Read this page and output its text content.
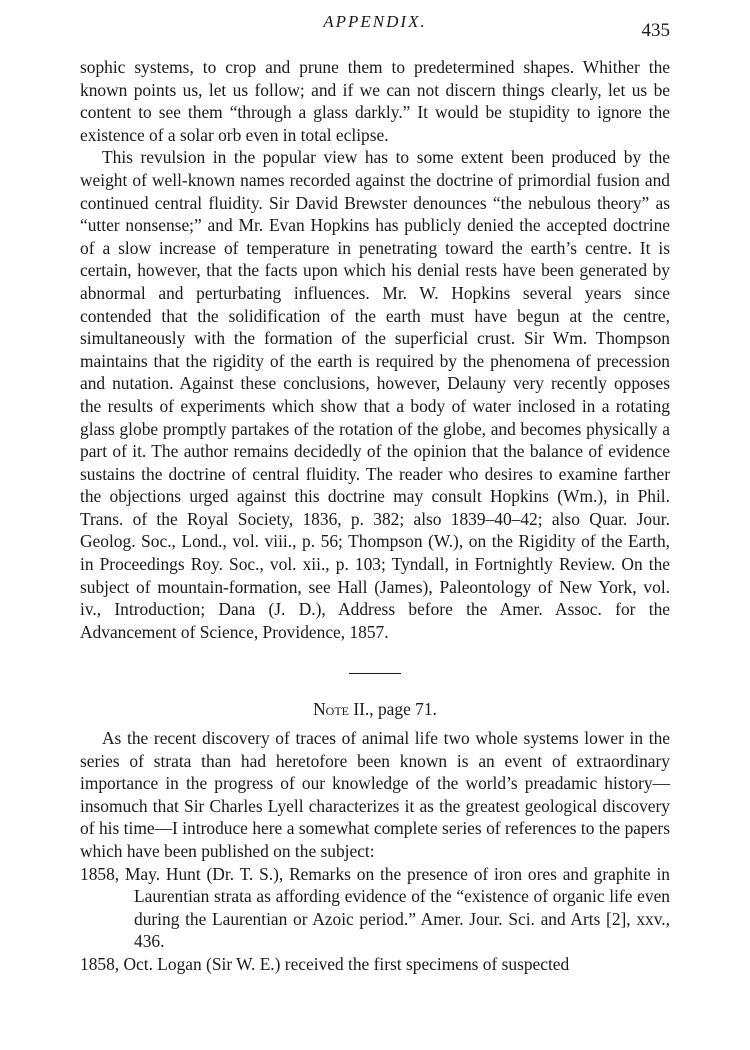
APPENDIX.	435

sophic systems, to crop and prune them to predetermined shapes. Whither the known points us, let us follow; and if we can not discern things clearly, let us be content to see them “through a glass darkly.” It would be stupidity to ignore the existence of a solar orb even in total eclipse.

This revulsion in the popular view has to some extent been produced by the weight of well-known names recorded against the doctrine of primordial fusion and continued central fluidity. Sir David Brewster denounces “the nebulous theory” as “utter nonsense;” and Mr. Evan Hopkins has publicly denied the accepted doctrine of a slow increase of temperature in penetrating toward the earth’s centre. It is certain, however, that the facts upon which his denial rests have been generated by abnormal and perturbating influences. Mr. W. Hopkins several years since contended that the solidification of the earth must have begun at the centre, simultaneously with the formation of the superficial crust. Sir Wm. Thompson maintains that the rigidity of the earth is required by the phenomena of precession and nutation. Against these conclusions, however, Delauny very recently opposes the results of experiments which show that a body of water inclosed in a rotating glass globe promptly partakes of the rotation of the globe, and becomes physically a part of it. The author remains decidedly of the opinion that the balance of evidence sustains the doctrine of central fluidity. The reader who desires to examine farther the objections urged against this doctrine may consult Hopkins (Wm.), in Phil. Trans. of the Royal Society, 1836, p. 382; also 1839–40–42; also Quar. Jour. Geolog. Soc., Lond., vol. viii., p. 56; Thompson (W.), on the Rigidity of the Earth, in Proceedings Roy. Soc., vol. xii., p. 103; Tyndall, in Fortnightly Review. On the subject of mountain-formation, see Hall (James), Paleontology of New York, vol. iv., Introduction; Dana (J. D.), Address before the Amer. Assoc. for the Advancement of Science, Providence, 1857.

Note II., page 71.

As the recent discovery of traces of animal life two whole systems lower in the series of strata than had heretofore been known is an event of extraordinary importance in the progress of our knowledge of the world’s preadamic history—insomuch that Sir Charles Lyell characterizes it as the greatest geological discovery of his time—I introduce here a somewhat complete series of references to the papers which have been published on the subject:

1858, May. Hunt (Dr. T. S.), Remarks on the presence of iron ores and graphite in Laurentian strata as affording evidence of the “existence of organic life even during the Laurentian or Azoic period.” Amer. Jour. Sci. and Arts [2], xxv., 436.

1858, Oct. Logan (Sir W. E.) received the first specimens of suspected
